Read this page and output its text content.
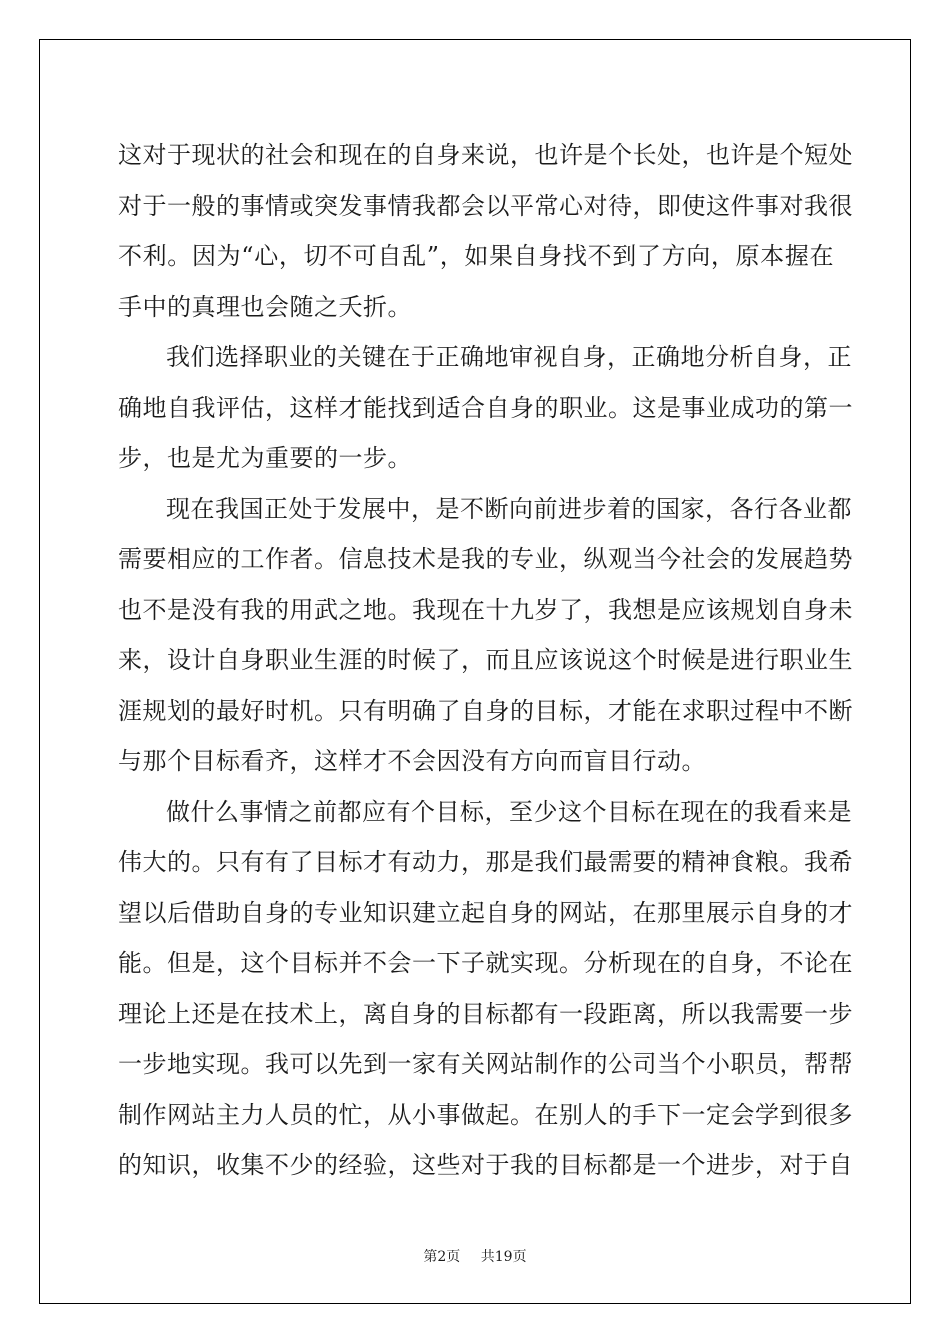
这对于现状的社会和现在的自身来说，也许是个长处，也许是个短处
对于一般的事情或突发事情我都会以平常心对待，即使这件事对我很
不利。因为“心，切不可自乱”，如果自身找不到了方向，原本握在
手中的真理也会随之夭折。
我们选择职业的关键在于正确地审视自身，正确地分析自身，正
确地自我评估，这样才能找到适合自身的职业。这是事业成功的第一
步，也是尤为重要的一步。
现在我国正处于发展中，是不断向前进步着的国家，各行各业都
需要相应的工作者。信息技术是我的专业，纵观当今社会的发展趋势
也不是没有我的用武之地。我现在十九岁了，我想是应该规划自身未
来，设计自身职业生涯的时候了，而且应该说这个时候是进行职业生
涯规划的最好时机。只有明确了自身的目标，才能在求职过程中不断
与那个目标看齐，这样才不会因没有方向而盲目行动。
做什么事情之前都应有个目标，至少这个目标在现在的我看来是
伟大的。只有有了目标才有动力，那是我们最需要的精神食粮。我希
望以后借助自身的专业知识建立起自身的网站，在那里展示自身的才
能。但是，这个目标并不会一下子就实现。分析现在的自身，不论在
理论上还是在技术上，离自身的目标都有一段距离，所以我需要一步
一步地实现。我可以先到一家有关网站制作的公司当个小职员，帮帮
制作网站主力人员的忙，从小事做起。在别人的手下一定会学到很多
的知识，收集不少的经验，这些对于我的目标都是一个进步，对于自
第2页 共19页
